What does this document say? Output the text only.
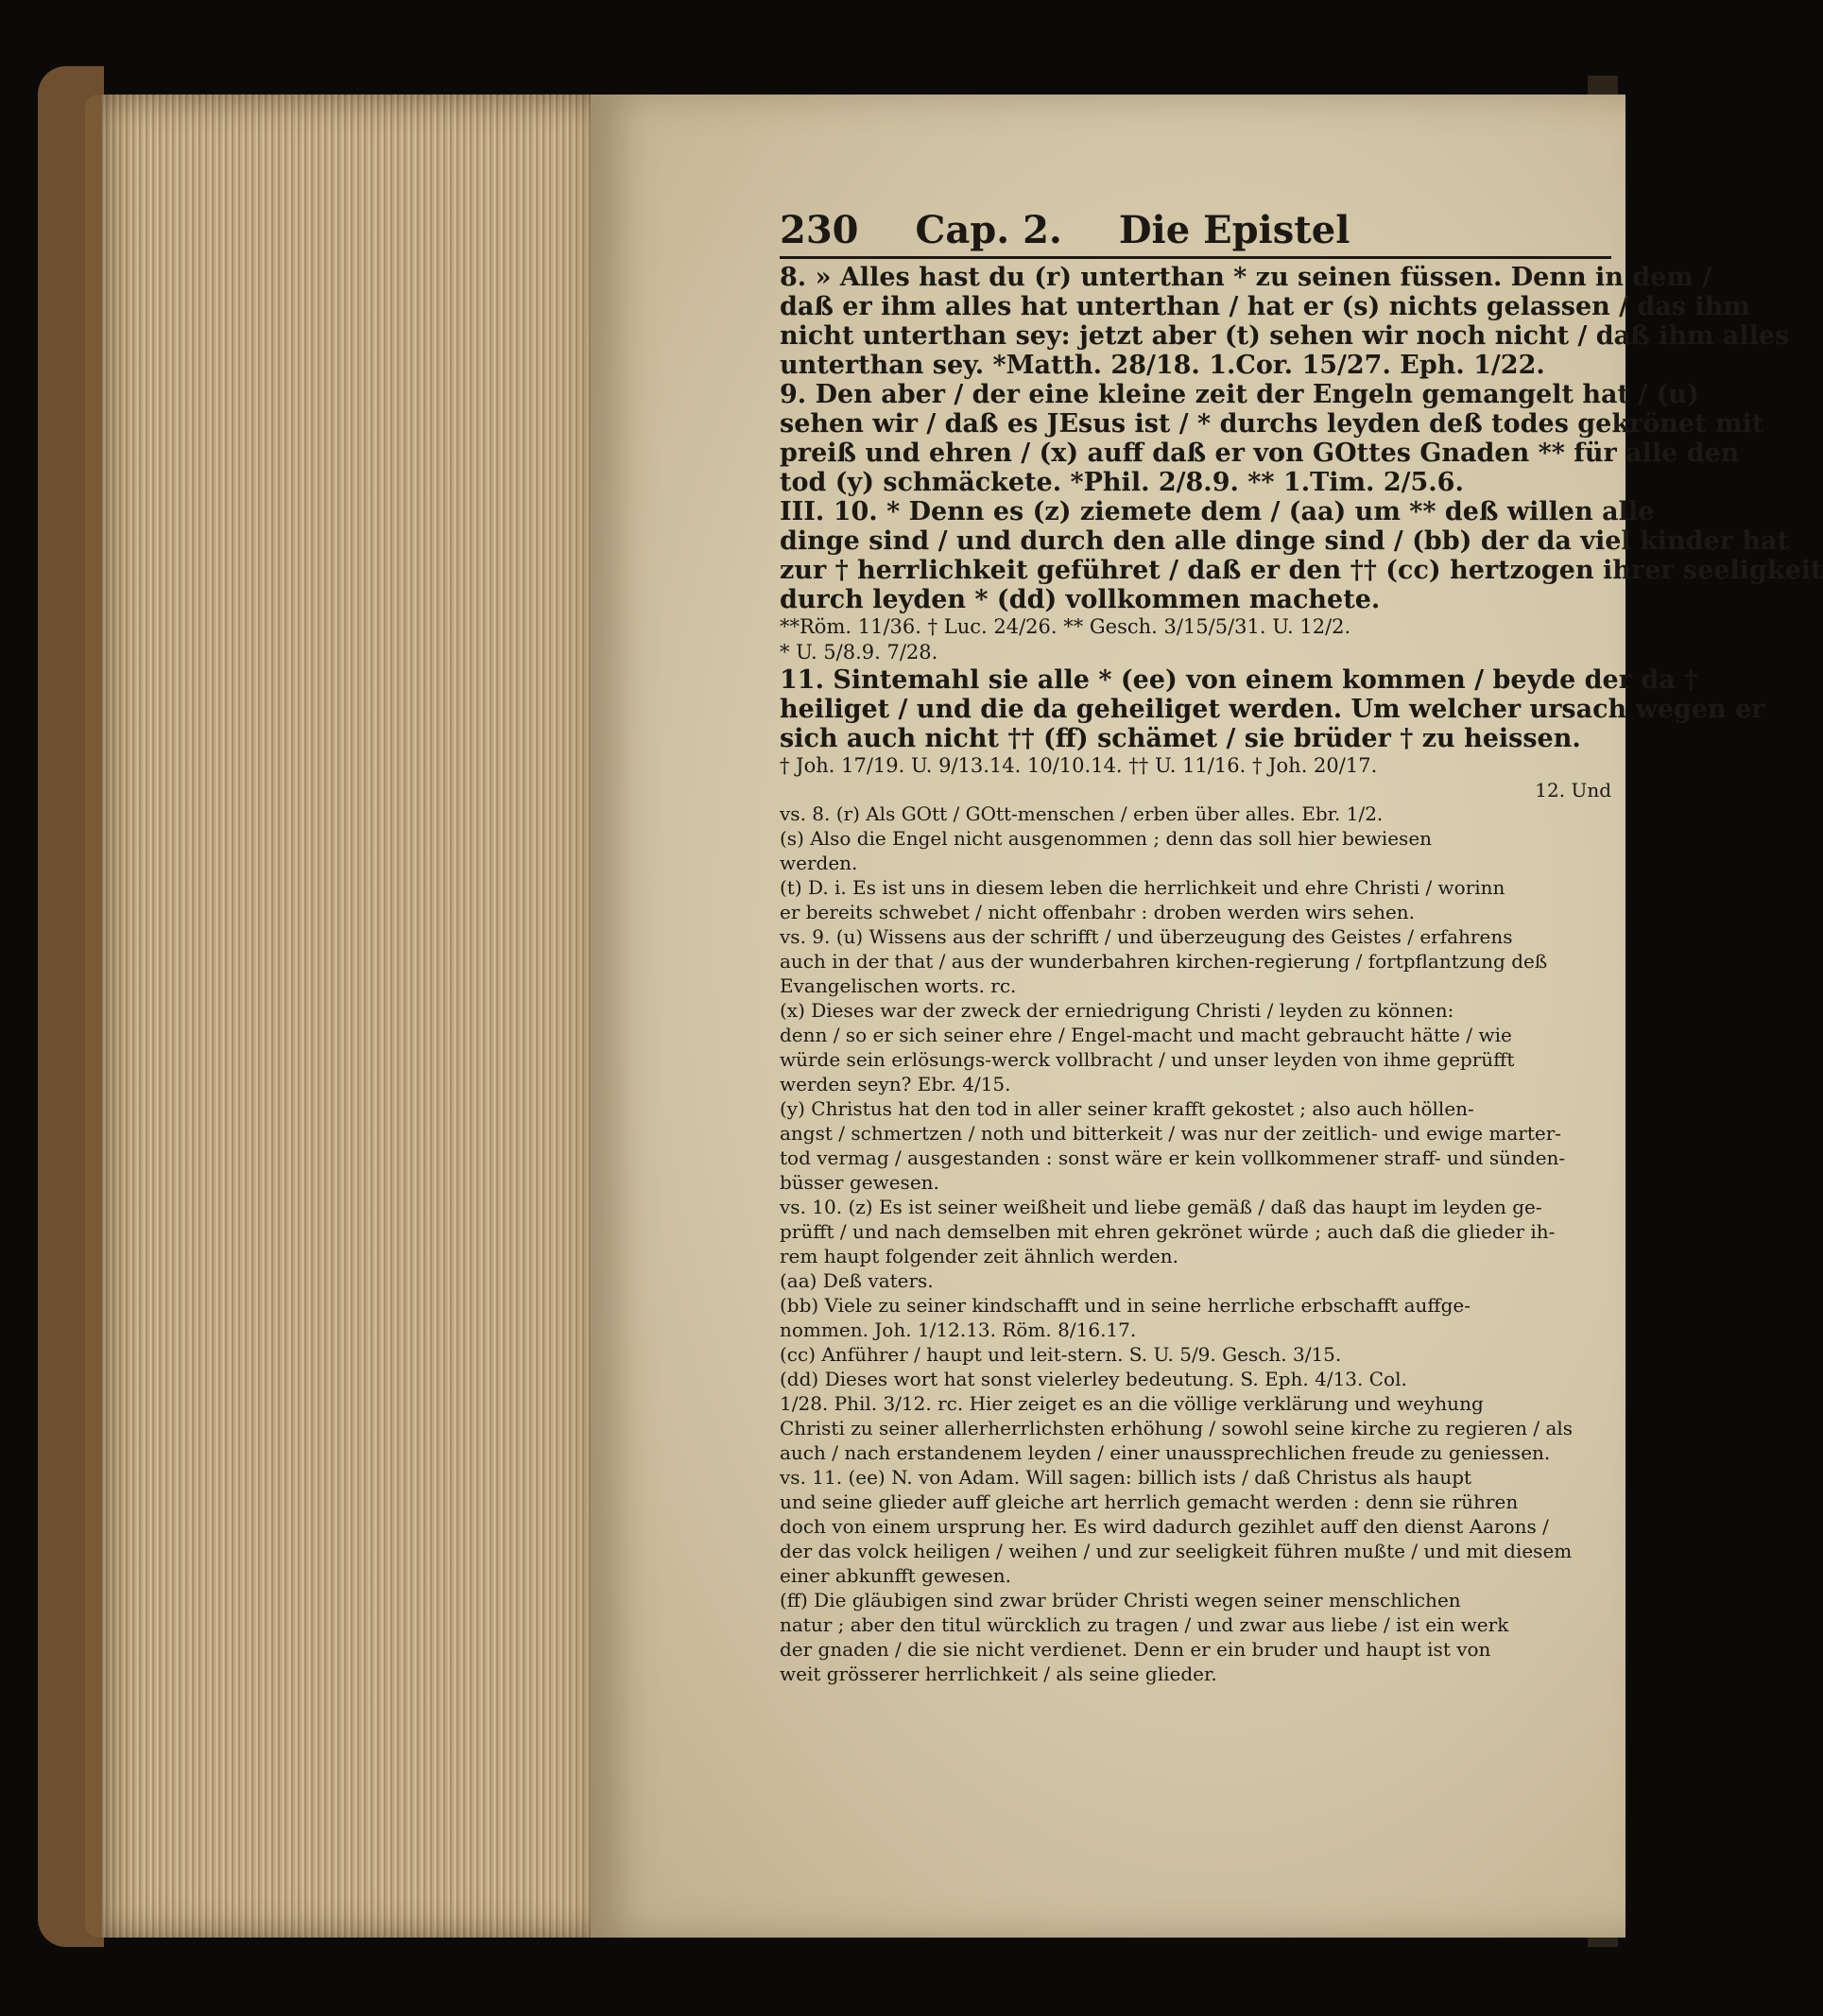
230 Cap. 2. Die Epistel
8. » Alles hast du (r) unterthan * zu seinen füssen. Denn in dem /
daß er ihm alles hat unterthan / hat er (s) nichts gelassen / das ihm
nicht unterthan sey: jetzt aber (t) sehen wir noch nicht / daß ihm alles
unterthan sey. *Matth. 28/18. 1.Cor. 15/27. Eph. 1/22.
9. Den aber / der eine kleine zeit der Engeln gemangelt hat / (u)
sehen wir / daß es JEsus ist / * durchs leyden deß todes gekrönet mit
preiß und ehren / (x) auff daß er von GOttes Gnaden ** für alle den
tod (y) schmäckete. *Phil. 2/8.9. ** 1.Tim. 2/5.6.
III. 10. * Denn es (z) ziemete dem / (aa) um ** deß willen alle
dinge sind / und durch den alle dinge sind / (bb) der da viel kinder hat
zur † herrlichkeit geführet / daß er den †† (cc) hertzogen ihrer seeligkeit
durch leyden * (dd) vollkommen machete.
**Röm. 11/36. † Luc. 24/26. ** Gesch. 3/15/5/31. U. 12/2.
* U. 5/8.9. 7/28.
11. Sintemahl sie alle * (ee) von einem kommen / beyde der da †
heiliget / und die da geheiliget werden. Um welcher ursach wegen er
sich auch nicht †† (ff) schämet / sie brüder † zu heissen.
† Joh. 17/19. U. 9/13.14. 10/10.14. †† U. 11/16. † Joh. 20/17.
12. Und
vs. 8. (r) Als GOtt / GOtt-menschen / erben über alles. Ebr. 1/2.
(s) Also die Engel nicht ausgenommen ; denn das soll hier bewiesen
werden.
(t) D. i. Es ist uns in diesem leben die herrlichkeit und ehre Christi / worinn
er bereits schwebet / nicht offenbahr : droben werden wirs sehen.
vs. 9. (u) Wissens aus der schrifft / und überzeugung des Geistes / erfahrens
auch in der that / aus der wunderbahren kirchen-regierung / fortpflantzung deß
Evangelischen worts. rc.
(x) Dieses war der zweck der erniedrigung Christi / leyden zu können:
denn / so er sich seiner ehre / Engel-macht und macht gebraucht hätte / wie
würde sein erlösungs-werck vollbracht / und unser leyden von ihme geprüfft
werden seyn? Ebr. 4/15.
(y) Christus hat den tod in aller seiner krafft gekostet ; also auch höllen-
angst / schmertzen / noth und bitterkeit / was nur der zeitlich- und ewige marter-
tod vermag / ausgestanden : sonst wäre er kein vollkommener straff- und sünden-
büsser gewesen.
vs. 10. (z) Es ist seiner weißheit und liebe gemäß / daß das haupt im leyden ge-
prüfft / und nach demselben mit ehren gekrönet würde ; auch daß die glieder ih-
rem haupt folgender zeit ähnlich werden.
(aa) Deß vaters.
(bb) Viele zu seiner kindschafft und in seine herrliche erbschafft auffge-
nommen. Joh. 1/12.13. Röm. 8/16.17.
(cc) Anführer / haupt und leit-stern. S. U. 5/9. Gesch. 3/15.
(dd) Dieses wort hat sonst vielerley bedeutung. S. Eph. 4/13. Col.
1/28. Phil. 3/12. rc. Hier zeiget es an die völlige verklärung und weyhung
Christi zu seiner allerherrlichsten erhöhung / sowohl seine kirche zu regieren / als
auch / nach erstandenem leyden / einer unaussprechlichen freude zu geniessen.
vs. 11. (ee) N. von Adam. Will sagen: billich ists / daß Christus als haupt
und seine glieder auff gleiche art herrlich gemacht werden : denn sie rühren
doch von einem ursprung her. Es wird dadurch gezihlet auff den dienst Aarons /
der das volck heiligen / weihen / und zur seeligkeit führen mußte / und mit diesem
einer abkunfft gewesen.
(ff) Die gläubigen sind zwar brüder Christi wegen seiner menschlichen
natur ; aber den titul würcklich zu tragen / und zwar aus liebe / ist ein werk
der gnaden / die sie nicht verdienet. Denn er ein bruder und haupt ist von
weit grösserer herrlichkeit / als seine glieder.
